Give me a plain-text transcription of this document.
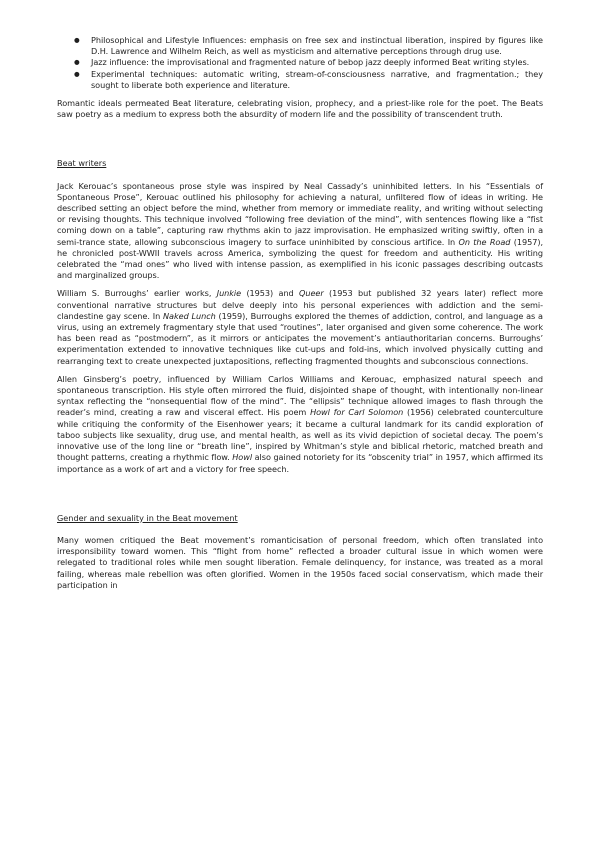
● Philosophical and Lifestyle Influences: emphasis on free sex and instinctual liberation, inspired by figures like D.H. Lawrence and Wilhelm Reich, as well as mysticism and alternative perceptions through drug use.
● Jazz influence: the improvisational and fragmented nature of bebop jazz deeply informed Beat writing styles.
● Experimental techniques: automatic writing, stream-of-consciousness narrative, and fragmentation.; they sought to liberate both experience and literature.

Romantic ideals permeated Beat literature, celebrating vision, prophecy, and a priest-like role for the poet. The Beats saw poetry as a medium to express both the absurdity of modern life and the possibility of transcendent truth.

Beat writers

Jack Kerouac’s spontaneous prose style was inspired by Neal Cassady’s uninhibited letters. In his “Essentials of Spontaneous Prose”, Kerouac outlined his philosophy for achieving a natural, unfiltered flow of ideas in writing. He described setting an object before the mind, whether from memory or immediate reality, and writing without selecting or revising thoughts. This technique involved “following free deviation of the mind”, with sentences flowing like a “fist coming down on a table”, capturing raw rhythms akin to jazz improvisation. He emphasized writing swiftly, often in a semi-trance state, allowing subconscious imagery to surface uninhibited by conscious artifice. In On the Road (1957), he chronicled post-WWII travels across America, symbolizing the quest for freedom and authenticity. His writing celebrated the “mad ones” who lived with intense passion, as exemplified in his iconic passages describing outcasts and marginalized groups.

William S. Burroughs’ earlier works, Junkie (1953) and Queer (1953 but published 32 years later) reflect more conventional narrative structures but delve deeply into his personal experiences with addiction and the semi-clandestine gay scene. In Naked Lunch (1959), Burroughs explored the themes of addiction, control, and language as a virus, using an extremely fragmentary style that used “routines”, later organised and given some coherence. The work has been read as “postmodern”, as it mirrors or anticipates the movement’s antiauthoritarian concerns. Burroughs’ experimentation extended to innovative techniques like cut-ups and fold-ins, which involved physically cutting and rearranging text to create unexpected juxtapositions, reflecting fragmented thoughts and subconscious connections.

Allen Ginsberg’s poetry, influenced by William Carlos Williams and Kerouac, emphasized natural speech and spontaneous transcription. His style often mirrored the fluid, disjointed shape of thought, with intentionally non-linear syntax reflecting the “nonsequential flow of the mind”. The “ellipsis” technique allowed images to flash through the reader’s mind, creating a raw and visceral effect. His poem Howl for Carl Solomon (1956) celebrated counterculture while critiquing the conformity of the Eisenhower years; it became a cultural landmark for its candid exploration of taboo subjects like sexuality, drug use, and mental health, as well as its vivid depiction of societal decay. The poem’s innovative use of the long line or “breath line”, inspired by Whitman’s style and biblical rhetoric, matched breath and thought patterns, creating a rhythmic flow. Howl also gained notoriety for its “obscenity trial” in 1957, which affirmed its importance as a work of art and a victory for free speech.

Gender and sexuality in the Beat movement

Many women critiqued the Beat movement’s romanticisation of personal freedom, which often translated into irresponsibility toward women. This “flight from home” reflected a broader cultural issue in which women were relegated to traditional roles while men sought liberation. Female delinquency, for instance, was treated as a moral failing, whereas male rebellion was often glorified. Women in the 1950s faced social conservatism, which made their participation in
